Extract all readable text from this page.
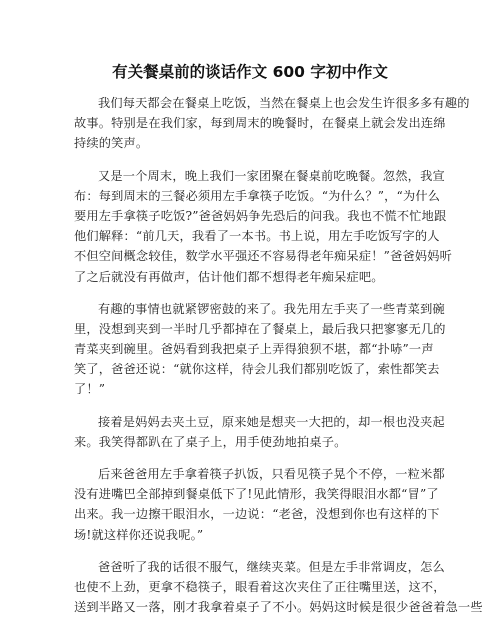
有关餐桌前的谈话作文 600 字初中作文
我们每天都会在餐桌上吃饭，当然在餐桌上也会发生许很多多有趣的
故事。特别是在我们家，每到周末的晚餐时，在餐桌上就会发出连绵
持续的笑声。
又是一个周末，晚上我们一家团聚在餐桌前吃晚餐。忽然，我宣
布：每到周末的三餐必须用左手拿筷子吃饭。“为什么？”，“为什么
要用左手拿筷子吃饭?”爸爸妈妈争先恐后的问我。我也不慌不忙地跟
他们解释：“前几天，我看了一本书。书上说，用左手吃饭写字的人
不但空间概念较佳，数学水平强还不容易得老年痴呆症！”爸爸妈妈听
了之后就没有再做声，估计他们都不想得老年痴呆症吧。
有趣的事情也就紧锣密鼓的来了。我先用左手夹了一些青菜到碗
里，没想到夹到一半时几乎都掉在了餐桌上，最后我只把寥寥无几的
青菜夹到碗里。爸妈看到我把桌子上弄得狼狈不堪，都“扑哧”一声
笑了，爸爸还说：“就你这样，待会儿我们都别吃饭了，索性都笑去
了！”
接着是妈妈去夹土豆，原来她是想夹一大把的，却一根也没夹起
来。我笑得都趴在了桌子上，用手使劲地拍桌子。
后来爸爸用左手拿着筷子扒饭，只看见筷子晃个不停，一粒米都
没有进嘴巴全部掉到餐桌低下了!见此情形，我笑得眼泪水都“冒”了
出来。我一边擦干眼泪水，一边说：“老爸，没想到你也有这样的下
场!就这样你还说我呢。”
爸爸听了我的话很不服气，继续夹菜。但是左手非常调皮，怎么
也使不上劲，更拿不稳筷子，眼看着这次夹住了正往嘴里送，这不，
送到半路又一落，刚才我拿着桌子了不小。妈妈这时候是很少爸爸着急一些
